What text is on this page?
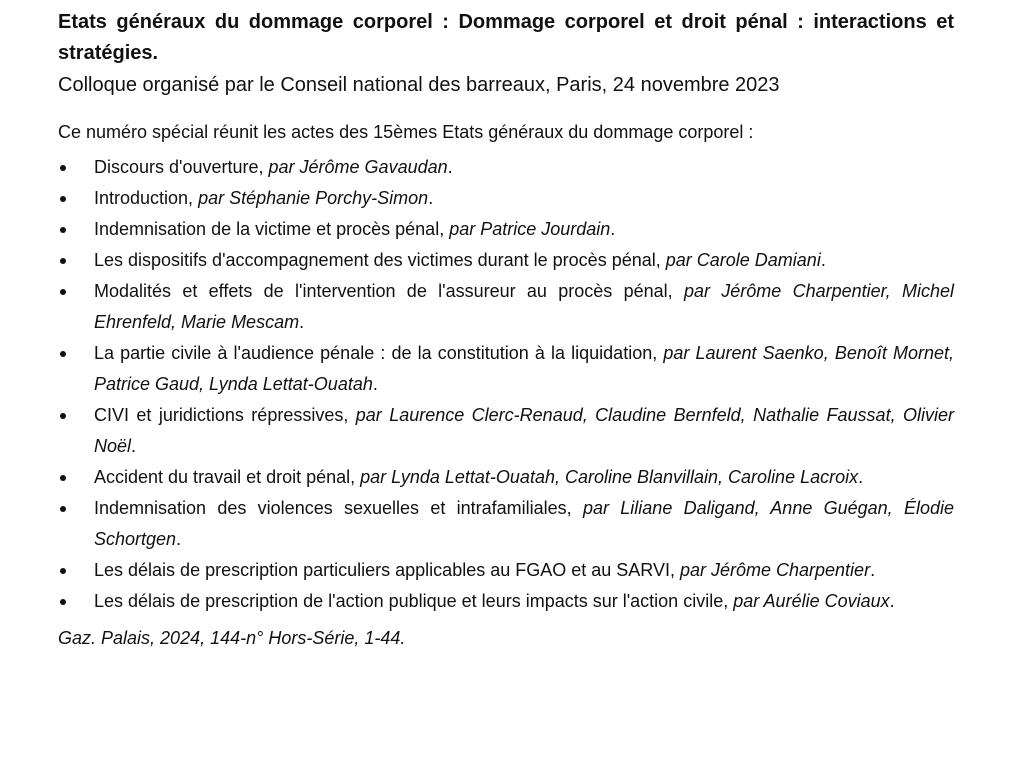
Etats généraux du dommage corporel : Dommage corporel et droit pénal : interactions et stratégies.

Colloque organisé par le Conseil national des barreaux, Paris, 24 novembre 2023

Ce numéro spécial réunit les actes des 15èmes Etats généraux du dommage corporel :

Discours d'ouverture, par Jérôme Gavaudan.
Introduction, par Stéphanie Porchy-Simon.
Indemnisation de la victime et procès pénal, par Patrice Jourdain.
Les dispositifs d'accompagnement des victimes durant le procès pénal, par Carole Damiani.
Modalités et effets de l'intervention de l'assureur au procès pénal, par Jérôme Charpentier, Michel Ehrenfeld, Marie Mescam.
La partie civile à l'audience pénale : de la constitution à la liquidation, par Laurent Saenko, Benoît Mornet, Patrice Gaud, Lynda Lettat-Ouatah.
CIVI et juridictions répressives, par Laurence Clerc-Renaud, Claudine Bernfeld, Nathalie Faussat, Olivier Noël.
Accident du travail et droit pénal, par Lynda Lettat-Ouatah, Caroline Blanvillain, Caroline Lacroix.
Indemnisation des violences sexuelles et intrafamiliales, par Liliane Daligand, Anne Guégan, Élodie Schortgen.
Les délais de prescription particuliers applicables au FGAO et au SARVI, par Jérôme Charpentier.
Les délais de prescription de l'action publique et leurs impacts sur l'action civile, par Aurélie Coviaux.

Gaz. Palais, 2024, 144-n° Hors-Série, 1-44.
